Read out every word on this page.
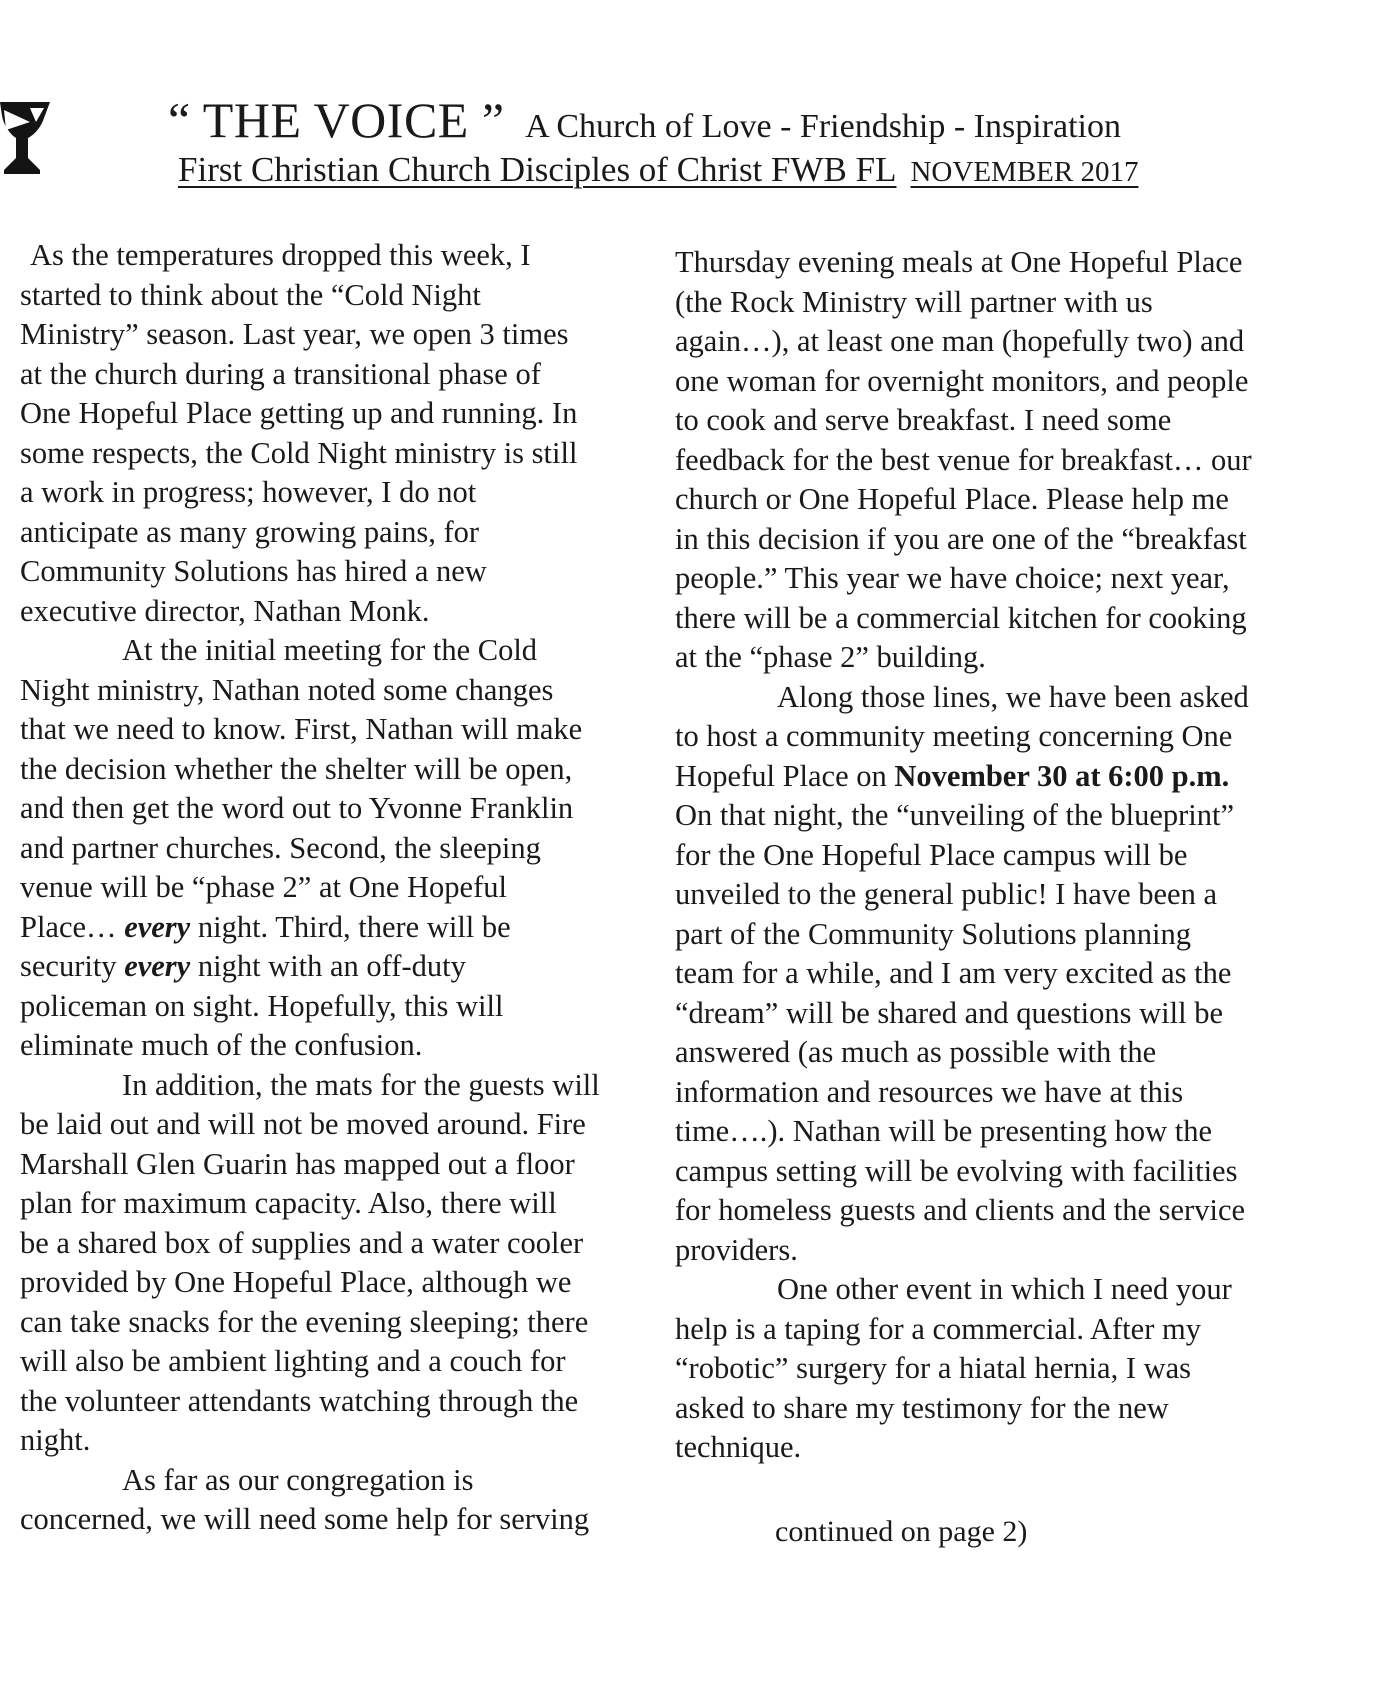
“ THE VOICE ” A Church of Love - Friendship - Inspiration
First Christian Church Disciples of Christ FWB FL NOVEMBER 2017
As the temperatures dropped this week, I
started to think about the “Cold Night
Ministry” season. Last year, we open 3 times
at the church during a transitional phase of
One Hopeful Place getting up and running. In
some respects, the Cold Night ministry is still
a work in progress; however, I do not
anticipate as many growing pains, for
Community Solutions has hired a new
executive director, Nathan Monk.
At the initial meeting for the Cold
Night ministry, Nathan noted some changes
that we need to know. First, Nathan will make
the decision whether the shelter will be open,
and then get the word out to Yvonne Franklin
and partner churches. Second, the sleeping
venue will be “phase 2” at One Hopeful
Place… every night. Third, there will be
security every night with an off-duty
policeman on sight. Hopefully, this will
eliminate much of the confusion.
In addition, the mats for the guests will
be laid out and will not be moved around. Fire
Marshall Glen Guarin has mapped out a floor
plan for maximum capacity. Also, there will
be a shared box of supplies and a water cooler
provided by One Hopeful Place, although we
can take snacks for the evening sleeping; there
will also be ambient lighting and a couch for
the volunteer attendants watching through the
night.
As far as our congregation is
concerned, we will need some help for serving
Thursday evening meals at One Hopeful Place
(the Rock Ministry will partner with us
again…), at least one man (hopefully two) and
one woman for overnight monitors, and people
to cook and serve breakfast. I need some
feedback for the best venue for breakfast… our
church or One Hopeful Place. Please help me
in this decision if you are one of the “breakfast
people.” This year we have choice; next year,
there will be a commercial kitchen for cooking
at the “phase 2” building.
Along those lines, we have been asked
to host a community meeting concerning One
Hopeful Place on November 30 at 6:00 p.m.
On that night, the “unveiling of the blueprint”
for the One Hopeful Place campus will be
unveiled to the general public! I have been a
part of the Community Solutions planning
team for a while, and I am very excited as the
“dream” will be shared and questions will be
answered (as much as possible with the
information and resources we have at this
time….). Nathan will be presenting how the
campus setting will be evolving with facilities
for homeless guests and clients and the service
providers.
One other event in which I need your
help is a taping for a commercial. After my
“robotic” surgery for a hiatal hernia, I was
asked to share my testimony for the new
technique.
continued on page 2)
